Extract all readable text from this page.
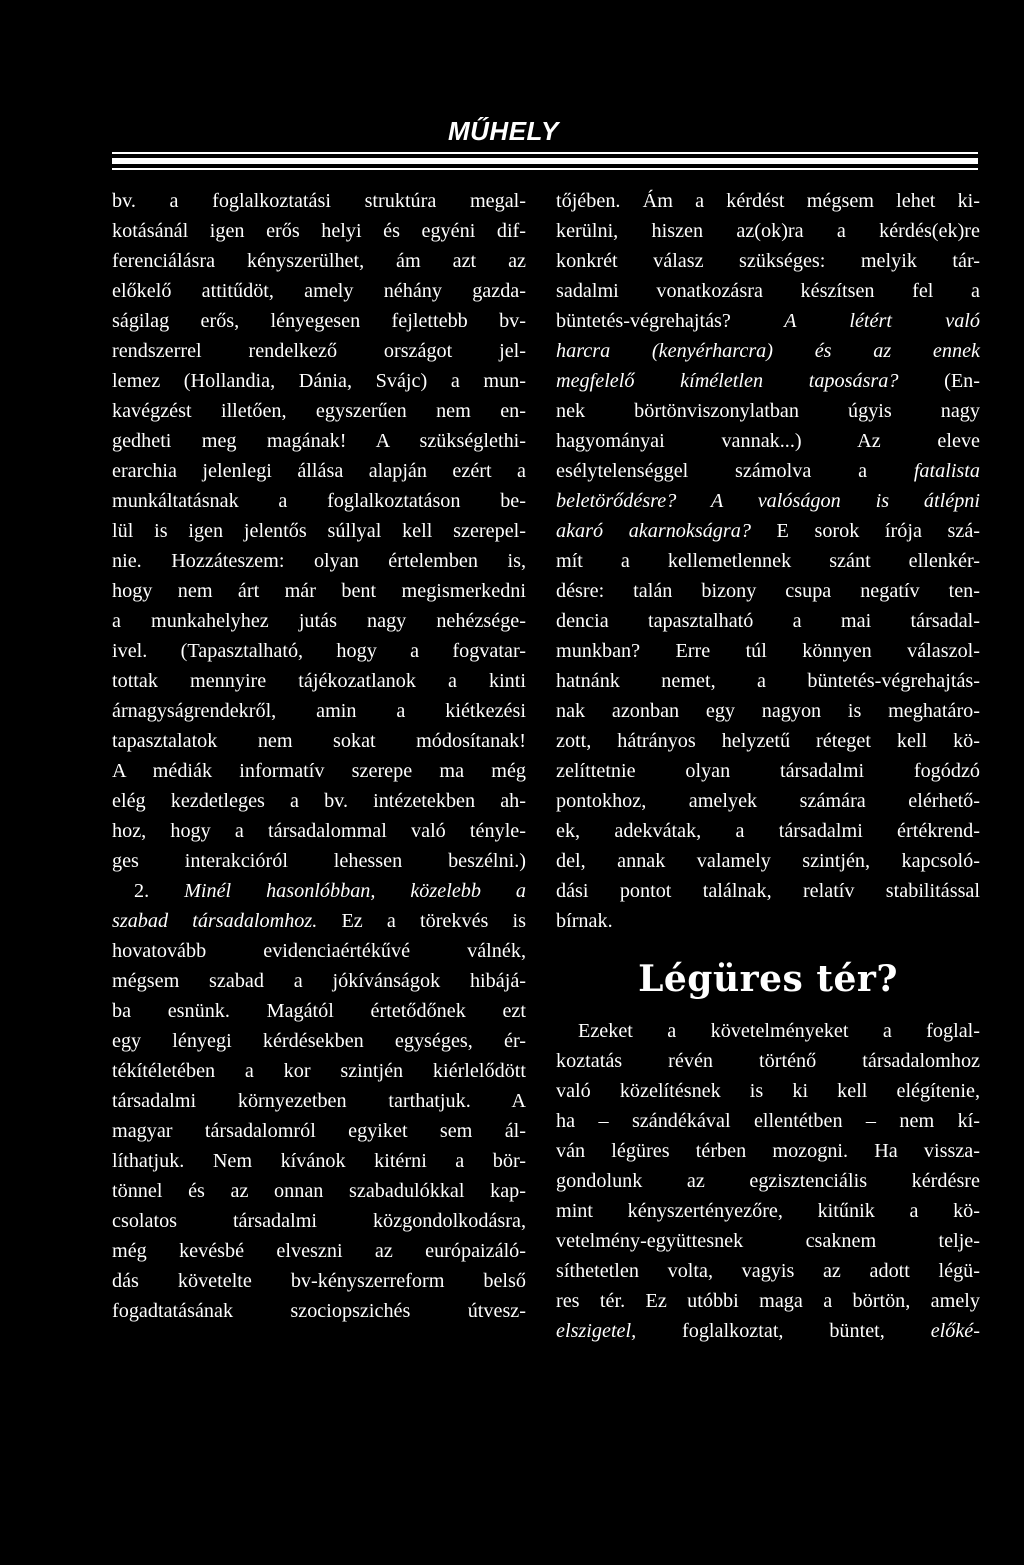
MŰHELY
bv. a foglalkoztatási struktúra megal-
kotásánál igen erős helyi és egyéni dif-
ferenciálásra kényszerülhet, ám azt az
előkelő attitűdöt, amely néhány gazda-
ságilag erős, lényegesen fejlettebb bv-
rendszerrel rendelkező országot jel-
lemez (Hollandia, Dánia, Svájc) a mun-
kavégzést illetően, egyszerűen nem en-
gedheti meg magának! A szükséglethi-
erarchia jelenlegi állása alapján ezért a
munkáltatásnak a foglalkoztatáson be-
lül is igen jelentős súllyal kell szerepel-
nie. Hozzáteszem: olyan értelemben is,
hogy nem árt már bent megismerkedni
a munkahelyhez jutás nagy nehézsége-
ivel. (Tapasztalható, hogy a fogvatar-
tottak mennyire tájékozatlanok a kinti
árnagyságrendekről, amin a kiétkezési
tapasztalatok nem sokat módosítanak!
A médiák informatív szerepe ma még
elég kezdetleges a bv. intézetekben ah-
hoz, hogy a társadalommal való tényle-
ges interakcióról lehessen beszélni.)
2. Minél hasonlóbban, közelebb a
szabad társadalomhoz. Ez a törekvés is
hovatovább evidenciaértékűvé válnék,
mégsem szabad a jókívánságok hibájá-
ba esnünk. Magától értetődőnek ezt
egy lényegi kérdésekben egységes, ér-
tékítéletében a kor szintjén kiérlelődött
társadalmi környezetben tarthatjuk. A
magyar társadalomról egyiket sem ál-
líthatjuk. Nem kívánok kitérni a bör-
tönnel és az onnan szabadulókkal kap-
csolatos társadalmi közgondolkodásra,
még kevésbé elveszni az európaizáló-
dás követelte bv-kényszerreform belső
fogadtatásának szociopszichés útvesz-
tőjében. Ám a kérdést mégsem lehet ki-
kerülni, hiszen az(ok)ra a kérdés(ek)re
konkrét válasz szükséges: melyik tár-
sadalmi vonatkozásra készítsen fel a
büntetés-végrehajtás? A létért való
harcra (kenyérharcra) és az ennek
megfelelő kíméletlen taposásra? (En-
nek börtönviszonylatban úgyis nagy
hagyományai vannak...) Az eleve
esélytelenséggel számolva a fatalista
beletörődésre? A valóságon is átlépni
akaró akarnokságra? E sorok írója szá-
mít a kellemetlennek szánt ellenkér-
désre: talán bizony csupa negatív ten-
dencia tapasztalható a mai társadal-
munkban? Erre túl könnyen válaszol-
hatnánk nemet, a büntetés-végrehajtás-
nak azonban egy nagyon is meghatáro-
zott, hátrányos helyzetű réteget kell kö-
zelíttetnie olyan társadalmi fogódzó
pontokhoz, amelyek számára elérhető-
ek, adekvátak, a társadalmi értékrend-
del, annak valamely szintjén, kapcsoló-
dási pontot találnak, relatív stabilitással
bírnak.
Légüres tér?
Ezeket a követelményeket a foglal-
koztatás révén történő társadalomhoz
való közelítésnek is ki kell elégítenie,
ha – szándékával ellentétben – nem kí-
ván légüres térben mozogni. Ha vissza-
gondolunk az egzisztenciális kérdésre
mint kényszertényezőre, kitűnik a kö-
vetelmény-együttesnek csaknem telje-
síthetetlen volta, vagyis az adott légü-
res tér. Ez utóbbi maga a börtön, amely
elszigetel, foglalkoztat, büntet, előké-
